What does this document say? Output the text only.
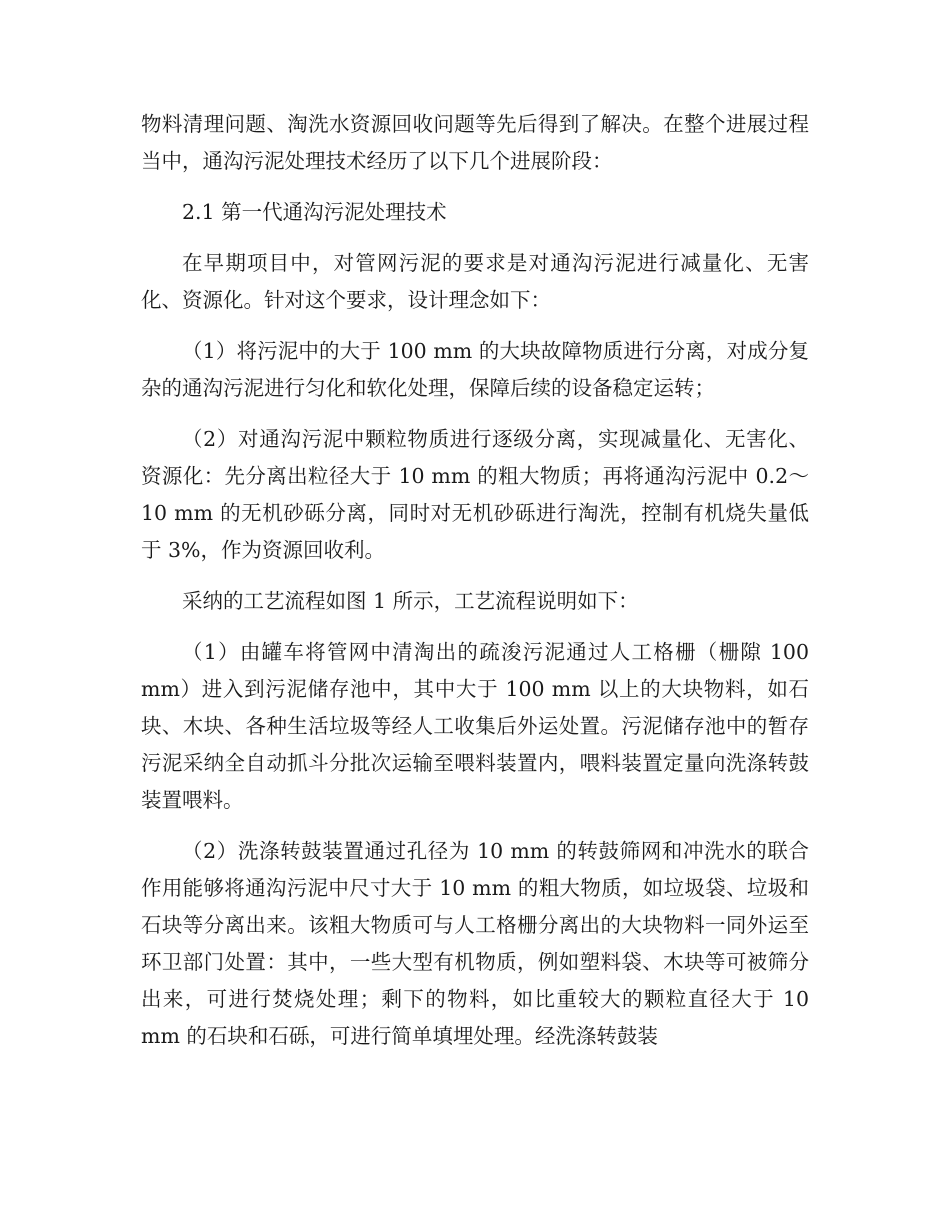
物料清理问题、淘洗水资源回收问题等先后得到了解决。在整个进展过程当中，通沟污泥处理技术经历了以下几个进展阶段：

2.1 第一代通沟污泥处理技术

在早期项目中，对管网污泥的要求是对通沟污泥进行减量化、无害化、资源化。针对这个要求，设计理念如下：

（1）将污泥中的大于 100 mm 的大块故障物质进行分离，对成分复杂的通沟污泥进行匀化和软化处理，保障后续的设备稳定运转；

（2）对通沟污泥中颗粒物质进行逐级分离，实现减量化、无害化、资源化：先分离出粒径大于 10 mm 的粗大物质；再将通沟污泥中 0.2～10 mm 的无机砂砾分离，同时对无机砂砾进行淘洗，控制有机烧失量低于 3%，作为资源回收利。

采纳的工艺流程如图 1 所示，工艺流程说明如下：

（1）由罐车将管网中清淘出的疏浚污泥通过人工格栅（栅隙 100 mm）进入到污泥储存池中，其中大于 100 mm 以上的大块物料，如石块、木块、各种生活垃圾等经人工收集后外运处置。污泥储存池中的暂存污泥采纳全自动抓斗分批次运输至喂料装置内，喂料装置定量向洗涤转鼓装置喂料。

（2）洗涤转鼓装置通过孔径为 10 mm 的转鼓筛网和冲洗水的联合作用能够将通沟污泥中尺寸大于 10 mm 的粗大物质，如垃圾袋、垃圾和石块等分离出来。该粗大物质可与人工格栅分离出的大块物料一同外运至环卫部门处置：其中，一些大型有机物质，例如塑料袋、木块等可被筛分出来，可进行焚烧处理；剩下的物料，如比重较大的颗粒直径大于 10 mm 的石块和石砾，可进行简单填埋处理。经洗涤转鼓装
